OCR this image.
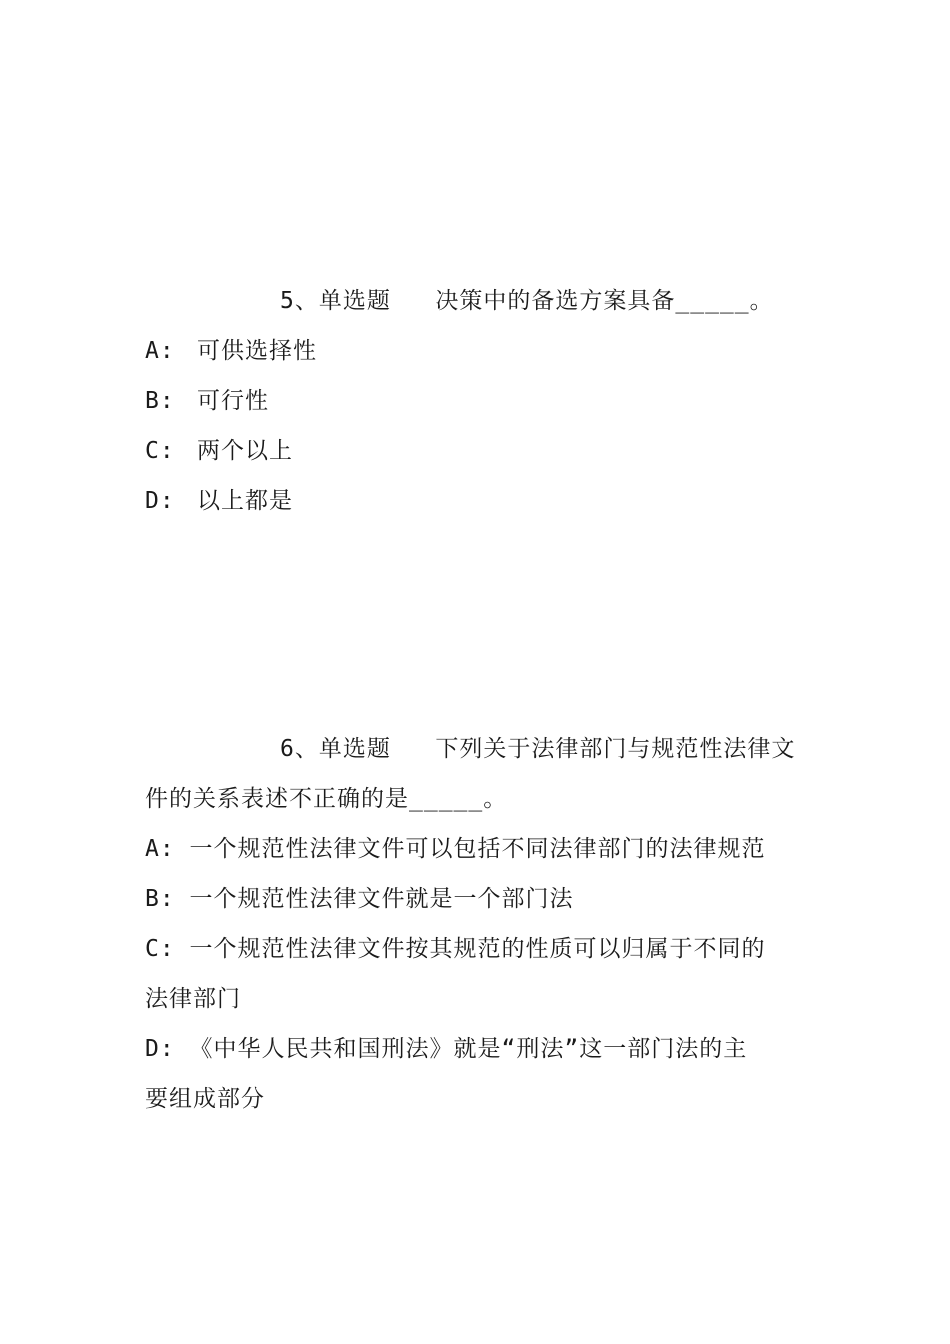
5、单选题   决策中的备选方案具备_____。
A: 可供选择性
B: 可行性
C: 两个以上
D: 以上都是
6、单选题   下列关于法律部门与规范性法律文
件的关系表述不正确的是_____。
A: 一个规范性法律文件可以包括不同法律部门的法律规范
B: 一个规范性法律文件就是一个部门法
C: 一个规范性法律文件按其规范的性质可以归属于不同的
法律部门
D: 《中华人民共和国刑法》就是“刑法”这一部门法的主
要组成部分
